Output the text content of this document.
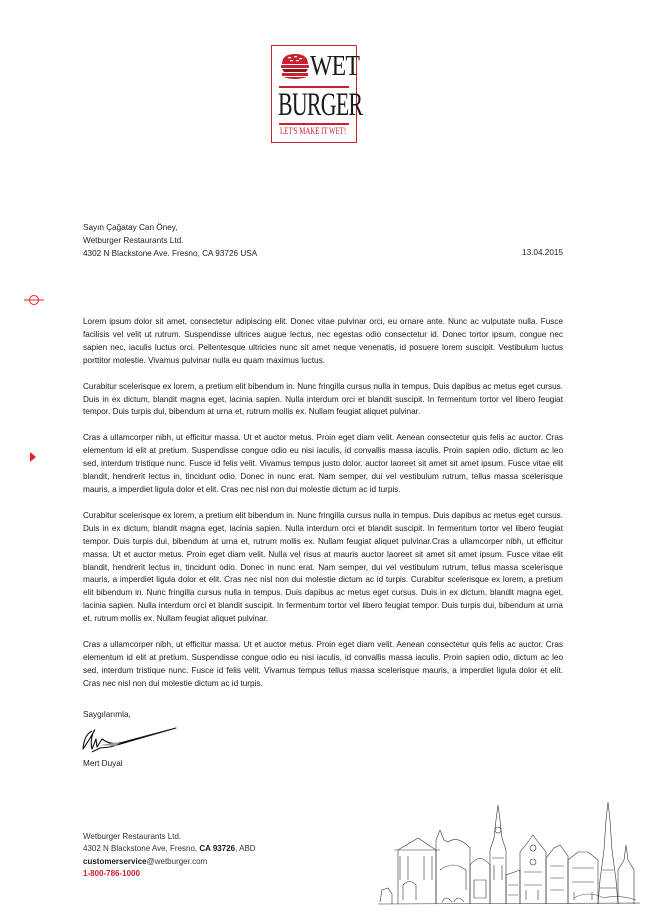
WET
BURGER
LET'S MAKE IT WET!
Sayın Çağatay Can Öney,
Wetburger Restaurants Ltd.
4302 N Blackstone Ave. Fresno, CA 93726 USA	13.04.2015

Lorem ipsum dolor sit amet, consectetur adipiscing elit. Donec vitae pulvinar orci, eu ornare ante. Nunc ac vulputate nulla. Fusce facilisis vel velit ut rutrum. Suspendisse ultrices augue lectus, nec egestas odio consectetur id. Donec tortor ipsum, congue nec sapien nec, iaculis luctus orci. Pellentesque ultricies nunc sit amet neque venenatis, id posuere lorem suscipit. Vestibulum luctus porttitor molestie. Vivamus pulvinar nulla eu quam maximus luctus.

Curabitur scelerisque ex lorem, a pretium elit bibendum in. Nunc fringilla cursus nulla in tempus. Duis dapibus ac metus eget cursus. Duis in ex dictum, blandit magna eget, lacinia sapien. Nulla interdum orci et blandit suscipit. In fermentum tortor vel libero feugiat tempor. Duis turpis dui, bibendum at urna et, rutrum mollis ex. Nullam feugiat aliquet pulvinar.

Cras a ullamcorper nibh, ut efficitur massa. Ut et auctor metus. Proin eget diam velit. Aenean consectetur quis felis ac auctor. Cras elementum id elit at pretium. Suspendisse congue odio eu nisi iaculis, id convallis massa iaculis. Proin sapien odio, dictum ac leo sed, interdum tristique nunc. Fusce id felis velit. Vivamus tempus justo dolor. auctor laoreet sit amet sit amet ipsum. Fusce vitae elit blandit, hendrerit lectus in, tincidunt odio. Donec in nunc erat. Nam semper, dui vel vestibulum rutrum, tellus massa scelerisque mauris, a imperdiet ligula dolor et elit. Cras nec nisl non dui molestie dictum ac id turpis.

Curabitur scelerisque ex lorem, a pretium elit bibendum in. Nunc fringilla cursus nulla in tempus. Duis dapibus ac metus eget cursus. Duis in ex dictum, blandit magna eget, lacinia sapien. Nulla interdum orci et blandit suscipit. In fermentum tortor vel libero feugiat tempor. Duis turpis dui, bibendum at urna et, rutrum mollis ex. Nullam feugiat aliquet pulvinar.Cras a ullamcorper nibh, ut efficitur massa. Ut et auctor metus. Proin eget diam velit. Nulla vel risus at mauris auctor laoreet sit amet sit amet ipsum. Fusce vitae elit blandit, hendrerit lectus in, tincidunt odio. Donec in nunc erat. Nam semper, dui vel vestibulum rutrum, tellus massa scelerisque mauris, a imperdiet ligula dolor et elit. Cras nec nisl non dui molestie dictum ac id turpis. Curabitur scelerisque ex lorem, a pretium elit bibendum in. Nunc fringilla cursus nulla in tempus. Duis dapibus ac metus eget cursus. Duis in ex dictum, blandit magna eget, lacinia sapien. Nulla interdum orci et blandit suscipit. In fermentum tortor vel libero feugiat tempor. Duis turpis dui, bibendum at urna et, rutrum mollis ex. Nullam feugiat aliquet pulvinar.

Cras a ullamcorper nibh, ut efficitur massa. Ut et auctor metus. Proin eget diam velit. Aenean consectetur quis felis ac auctor. Cras elementum id elit at pretium. Suspendisse congue odio eu nisi iaculis, id convallis massa iaculis. Proin sapien odio, dictum ac leo sed, interdum tristique nunc. Fusce id felis velit. Vivamus tempus tellus massa scelerisque mauris, a imperdiet ligula dolor et elit. Cras nec nisl non dui molestie dictum ac id turpis.

Saygılarımla,
Mert Duyal
Wetburger Restaurants Ltd.
4302 N Blackstone Ave, Fresno, CA 93726, ABD
customerservice@wetburger.com
1-800-786-1000
